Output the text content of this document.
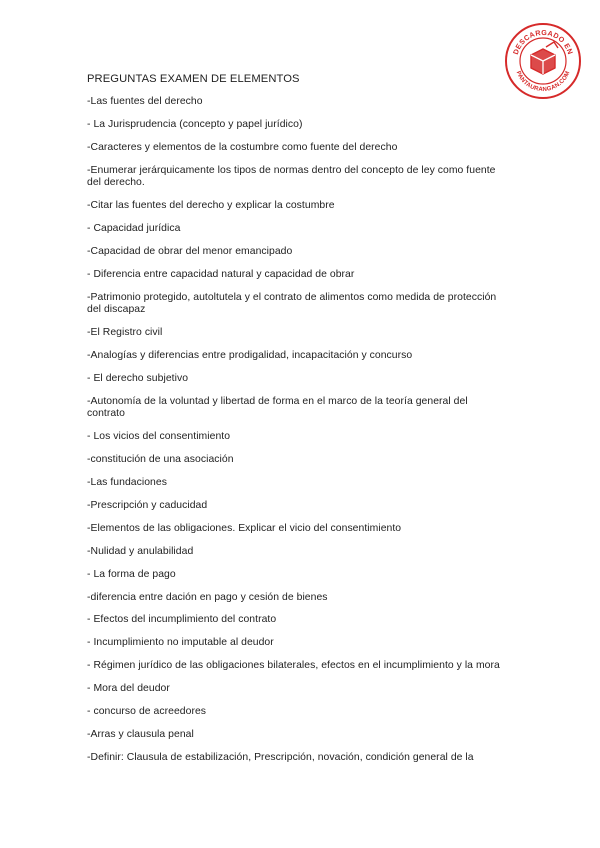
DESCARGADO EN
PANTAURANGAN.COM
PREGUNTAS EXAMEN DE ELEMENTOS

-Las fuentes del derecho

- La Jurisprudencia (concepto y papel jurídico)

-Caracteres y elementos de la costumbre como fuente del derecho

-Enumerar jerárquicamente los tipos de normas dentro del concepto de ley como fuente del derecho.

-Citar las fuentes del derecho y explicar la costumbre

- Capacidad jurídica

-Capacidad de obrar del menor emancipado

- Diferencia entre capacidad natural y capacidad de obrar

-Patrimonio protegido, autoltutela y el contrato de alimentos como medida de protección del discapaz

-El Registro civil

-Analogías y diferencias entre prodigalidad, incapacitación y concurso

- El derecho subjetivo

-Autonomía de la voluntad y libertad de forma en el marco de la teoría general del contrato

- Los vicios del consentimiento

-constitución de una asociación

-Las fundaciones

-Prescripción y caducidad

-Elementos de las obligaciones. Explicar el vicio del consentimiento

-Nulidad y anulabilidad

- La forma de pago

-diferencia entre dación en pago y cesión de bienes

- Efectos del incumplimiento del contrato

- Incumplimiento no imputable al deudor

- Régimen jurídico de las obligaciones bilaterales, efectos en el incumplimiento y la mora

- Mora del deudor

- concurso de acreedores

-Arras y clausula penal

-Definir: Clausula de estabilización, Prescripción, novación, condición general de la
